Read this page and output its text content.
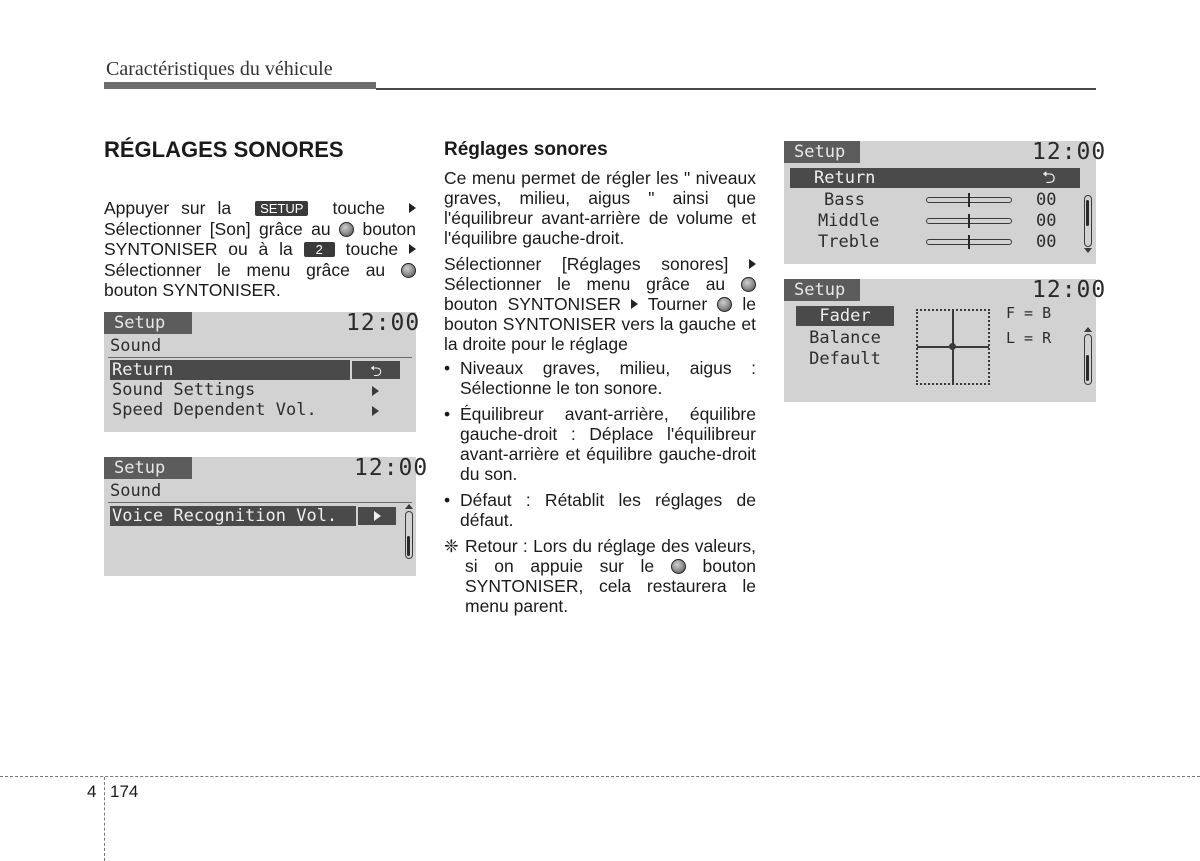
Caractéristiques du véhicule
RÉGLAGES SONORES

Appuyer sur la SETUP touche   Sélectionner [Son] grâce au bouton SYNTONISER ou à la 2 touche  Sélectionner le menu grâce au  bouton SYNTONISER.

Setup	12:00
Sound
Return	⮌
Sound Settings
Speed Dependent Vol.
Setup	12:00
Sound
Voice Recognition Vol.
Réglages sonores

Ce menu permet de régler les " niveaux graves, milieu, aigus " ainsi que l'équilibreur avant-arrière de volume et l'équilibre gauche-droit.

Sélectionner [Réglages sonores]  Sélectionner le menu grâce au  bouton SYNTONISER Tourner le bouton SYNTONISER vers la gauche et la droite pour le réglage

• Niveaux graves, milieu, aigus : Sélectionne le ton sonore.
• Équilibreur avant-arrière, équilibre gauche-droit : Déplace l'équilibreur avant-arrière et équilibre gauche-droit du son.
• Défaut : Rétablit les réglages de défaut.
❈ Retour : Lors du réglage des valeurs, si on appuie sur le	bouton SYNTONISER, cela restaurera le menu parent.
Setup	12:00
Return	⮌
Bass	00
Middle	00
Treble	00
Setup	12:00
Fader
Balance
Default
F = B
L = R
4 174
